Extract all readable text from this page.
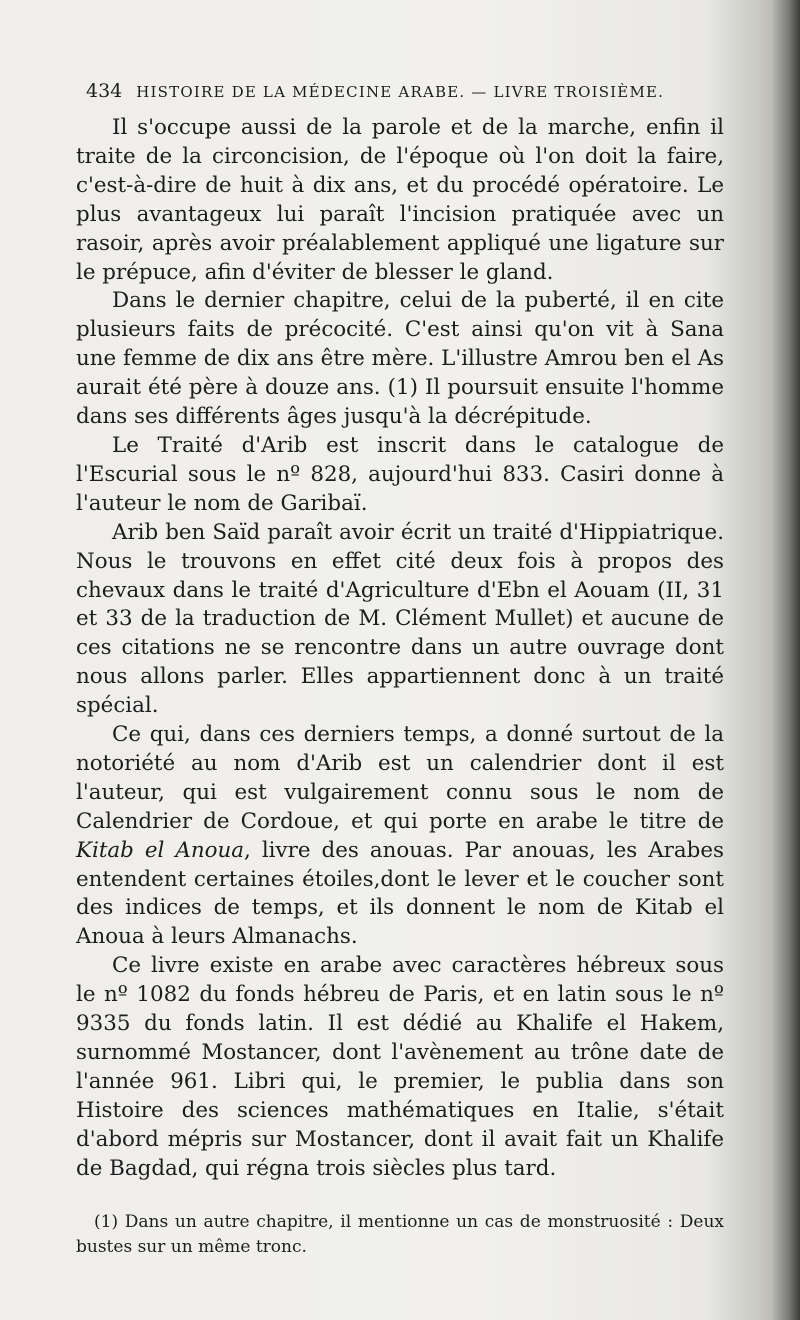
434 HISTOIRE DE LA MÉDECINE ARABE. — LIVRE TROISIÈME.

Il s'occupe aussi de la parole et de la marche, enfin il traite de la circoncision, de l'époque où l'on doit la faire, c'est-à-dire de huit à dix ans, et du procédé opératoire. Le plus avantageux lui paraît l'incision pratiquée avec un rasoir, après avoir préalablement appliqué une ligature sur le prépuce, afin d'éviter de blesser le gland.

Dans le dernier chapitre, celui de la puberté, il en cite plusieurs faits de précocité. C'est ainsi qu'on vit à Sana une femme de dix ans être mère. L'illustre Amrou ben el As aurait été père à douze ans. (1) Il poursuit ensuite l'homme dans ses différents âges jusqu'à la décrépitude.

Le Traité d'Arib est inscrit dans le catalogue de l'Escurial sous le nº 828, aujourd'hui 833. Casiri donne à l'auteur le nom de Garibaï.

Arib ben Saïd paraît avoir écrit un traité d'Hippiatrique. Nous le trouvons en effet cité deux fois à propos des chevaux dans le traité d'Agriculture d'Ebn el Aouam (II, 31 et 33 de la traduction de M. Clément Mullet) et aucune de ces citations ne se rencontre dans un autre ouvrage dont nous allons parler. Elles appartiennent donc à un traité spécial.

Ce qui, dans ces derniers temps, a donné surtout de la notoriété au nom d'Arib est un calendrier dont il est l'auteur, qui est vulgairement connu sous le nom de Calendrier de Cordoue, et qui porte en arabe le titre de Kitab el Anoua, livre des anouas. Par anouas, les Arabes entendent certaines étoiles,dont le lever et le coucher sont des indices de temps, et ils donnent le nom de Kitab el Anoua à leurs Almanachs.

Ce livre existe en arabe avec caractères hébreux sous le nº 1082 du fonds hébreu de Paris, et en latin sous le nº 9335 du fonds latin. Il est dédié au Khalife el Hakem, surnommé Mostancer, dont l'avènement au trône date de l'année 961. Libri qui, le premier, le publia dans son Histoire des sciences mathématiques en Italie, s'était d'abord mépris sur Mostancer, dont il avait fait un Khalife de Bagdad, qui régna trois siècles plus tard.

(1) Dans un autre chapitre, il mentionne un cas de monstruosité : Deux bustes sur un même tronc.
